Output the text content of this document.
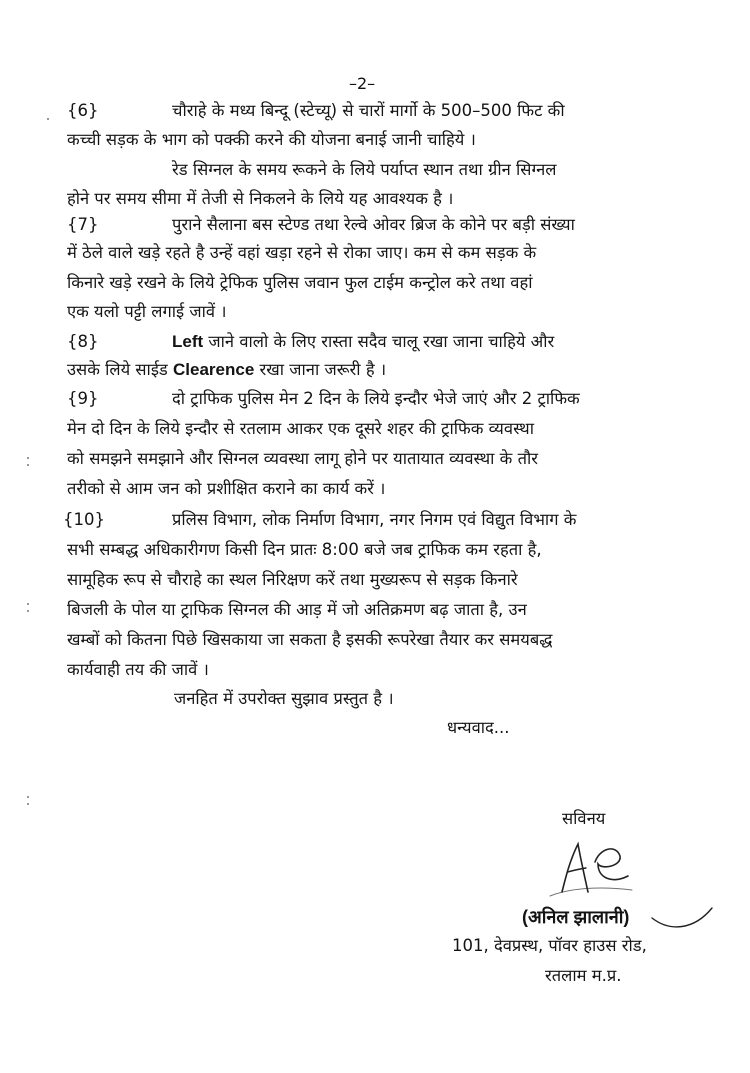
–2–
{6}	चौराहे के मध्य बिन्दू (स्टेच्यू) से चारों मार्गो के 500–500 फिट की
कच्ची सड़क के भाग को पक्की करने की योजना बनाई जानी चाहिये ।
रेड सिग्नल के समय रूकने के लिये पर्याप्त स्थान तथा ग्रीन सिग्नल
होने पर समय सीमा में तेजी से निकलने के लिये यह आवश्यक है ।
{7}	पुराने सैलाना बस स्टेण्ड तथा रेल्वे ओवर ब्रिज के कोने पर बड़ी संख्या
में ठेले वाले खड़े रहते है उन्हें वहां खड़ा रहने से रोका जाए। कम से कम सड़क के
किनारे खड़े रखने के लिये ट्रेफिक पुलिस जवान फुल टाईम कन्ट्रोल करे तथा वहां
एक यलो पट्टी लगाई जावें ।
{8}	Left जाने वालो के लिए रास्ता सदैव चालू रखा जाना चाहिये और
उसके लिये साईड Clearence रखा जाना जरूरी है ।
{9}	दो ट्राफिक पुलिस मेन 2 दिन के लिये इन्दौर भेजे जाएं और 2 ट्राफिक
मेन दो दिन के लिये इन्दौर से रतलाम आकर एक दूसरे शहर की ट्राफिक व्यवस्था
को समझने समझाने और सिग्नल व्यवस्था लागू होने पर यातायात व्यवस्था के तौर
तरीको से आम जन को प्रशीक्षित कराने का कार्य करें ।
{10}	प्रलिस विभाग, लोक निर्माण विभाग, नगर निगम एवं विद्युत विभाग के
सभी सम्बद्ध अधिकारीगण किसी दिन प्रातः 8:00 बजे जब ट्राफिक कम रहता है,
सामूहिक रूप से चौराहे का स्थल निरिक्षण करें तथा मुख्यरूप से सड़क किनारे
बिजली के पोल या ट्राफिक सिग्नल की आड़ में जो अतिक्रमण बढ़ जाता है, उन
खम्बों को कितना पिछे खिसकाया जा सकता है इसकी रूपरेखा तैयार कर समयबद्ध
कार्यवाही तय की जावें ।
जनहित में उपरोक्त सुझाव प्रस्तुत है ।
धन्यवाद...
सविनय
(अनिल झालानी)
101, देवप्रस्थ, पॉवर हाउस रोड,
रतलाम म.प्र.
